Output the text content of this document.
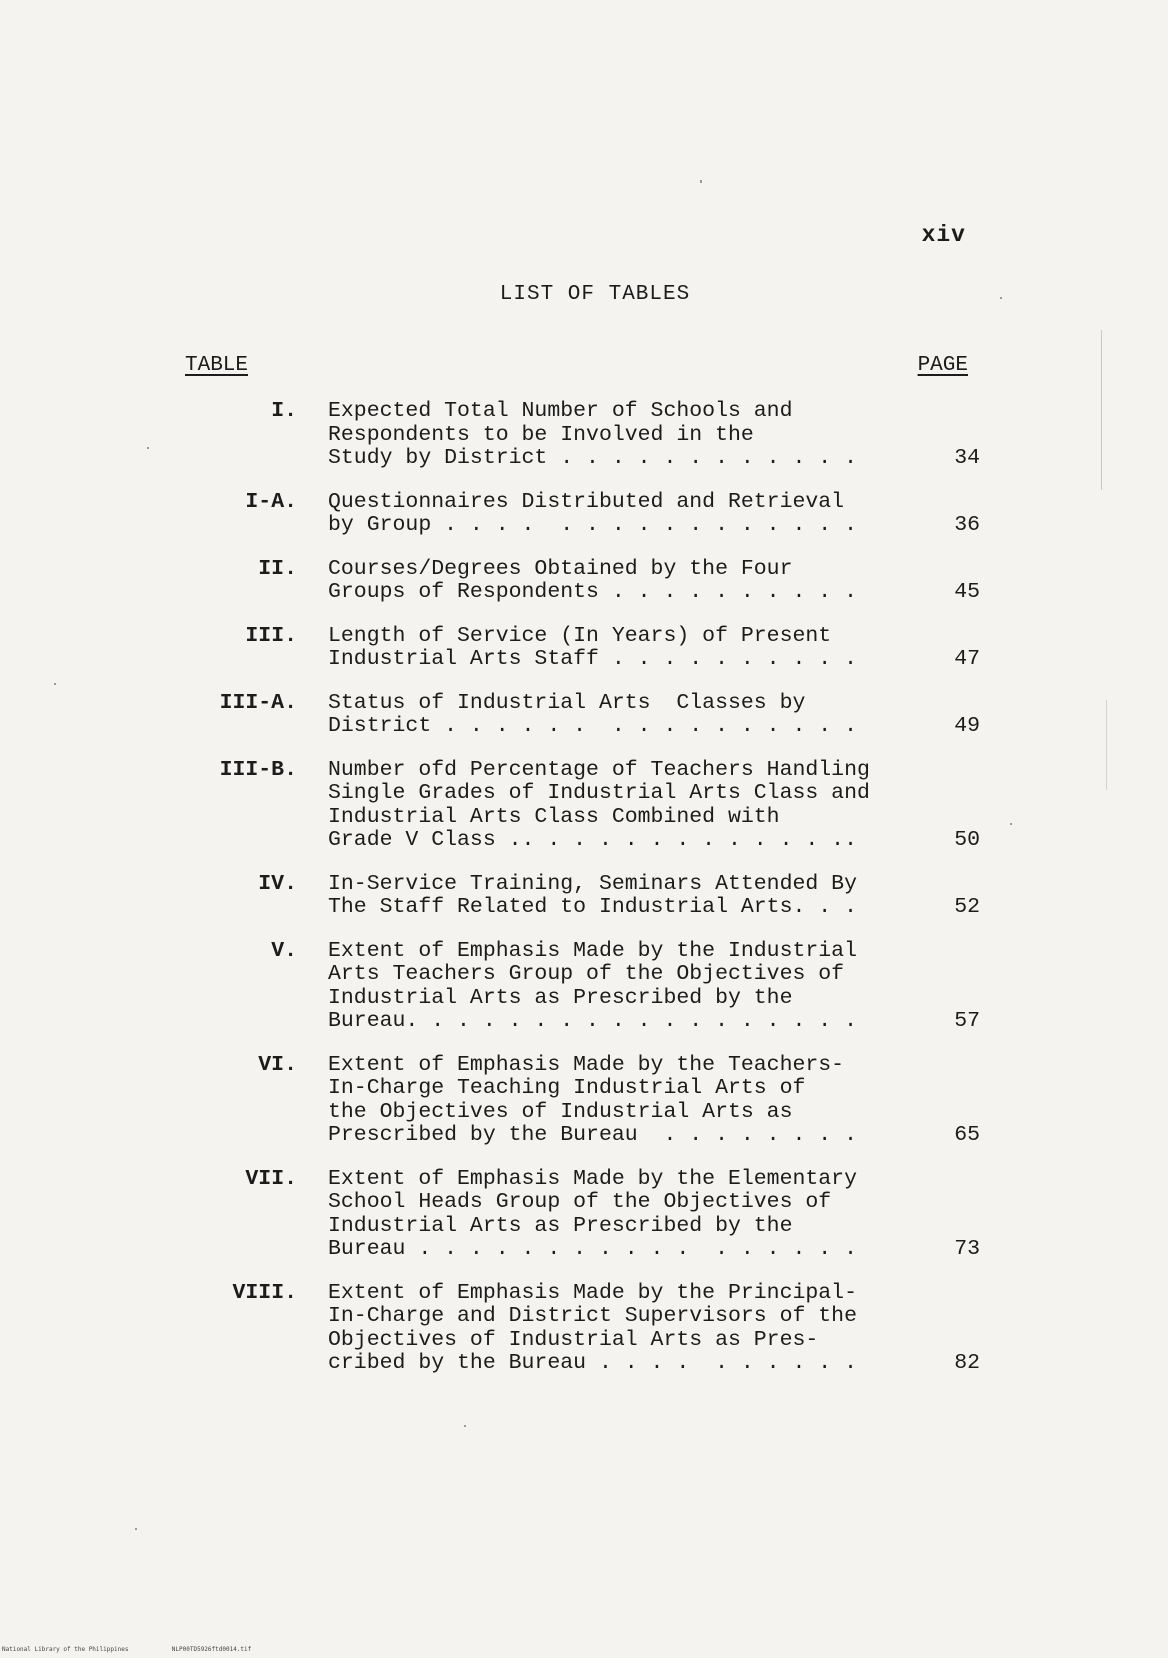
xiv
LIST OF TABLES
TABLE	PAGE
I. Expected Total Number of Schools and
Respondents to be Involved in the
Study by District . . . . . . . . . . . .	34
I-A. Questionnaires Distributed and Retrieval
by Group . . . .  . . . . . . . . . . . .	36
II. Courses/Degrees Obtained by the Four
Groups of Respondents . . . . . . . . . .	45
III. Length of Service (In Years) of Present
Industrial Arts Staff . . . . . . . . . .	47
III-A. Status of Industrial Arts  Classes by
District . . . . . .  . . . . . . . . . .	49
III-B. Number ofd Percentage of Teachers Handling
Single Grades of Industrial Arts Class and
Industrial Arts Class Combined with
Grade V Class .. . . . . . . . . . . . ..	50
IV. In-Service Training, Seminars Attended By
The Staff Related to Industrial Arts. . .	52
V. Extent of Emphasis Made by the Industrial
Arts Teachers Group of the Objectives of
Industrial Arts as Prescribed by the
Bureau. . . . . . . . . . . . . . . . . .	57
VI. Extent of Emphasis Made by the Teachers-
In-Charge Teaching Industrial Arts of
the Objectives of Industrial Arts as
Prescribed by the Bureau  . . . . . . . .	65
VII. Extent of Emphasis Made by the Elementary
School Heads Group of the Objectives of
Industrial Arts as Prescribed by the
Bureau . . . . . . . . . . .  . . . . . .	73
VIII. Extent of Emphasis Made by the Principal-
In-Charge and District Supervisors of the
Objectives of Industrial Arts as Pres-
cribed by the Bureau . . . .  . . . . . .	82
National Library of the Philippines	NLP00TD5926ftd0014.tif
